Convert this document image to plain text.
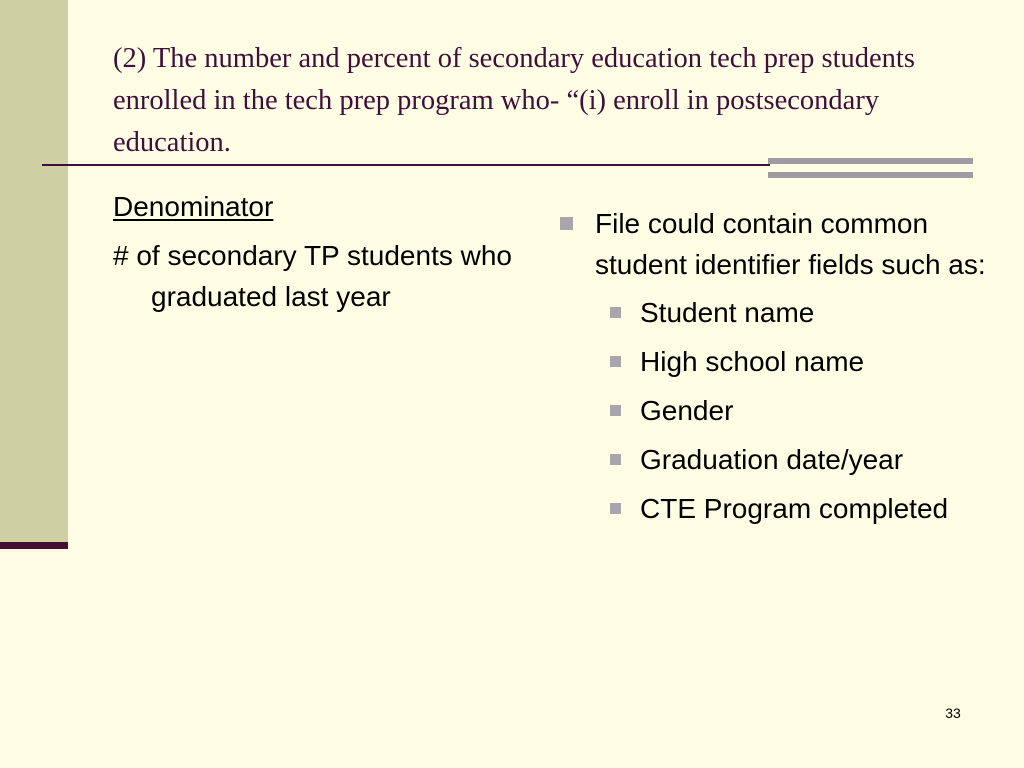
(2) The number and percent of secondary education tech prep students enrolled in the tech prep program who- “(i) enroll in postsecondary education.
Denominator
# of secondary TP students who graduated last year
File could contain common student identifier fields such as:
Student name
High school name
Gender
Graduation date/year
CTE Program completed
33
